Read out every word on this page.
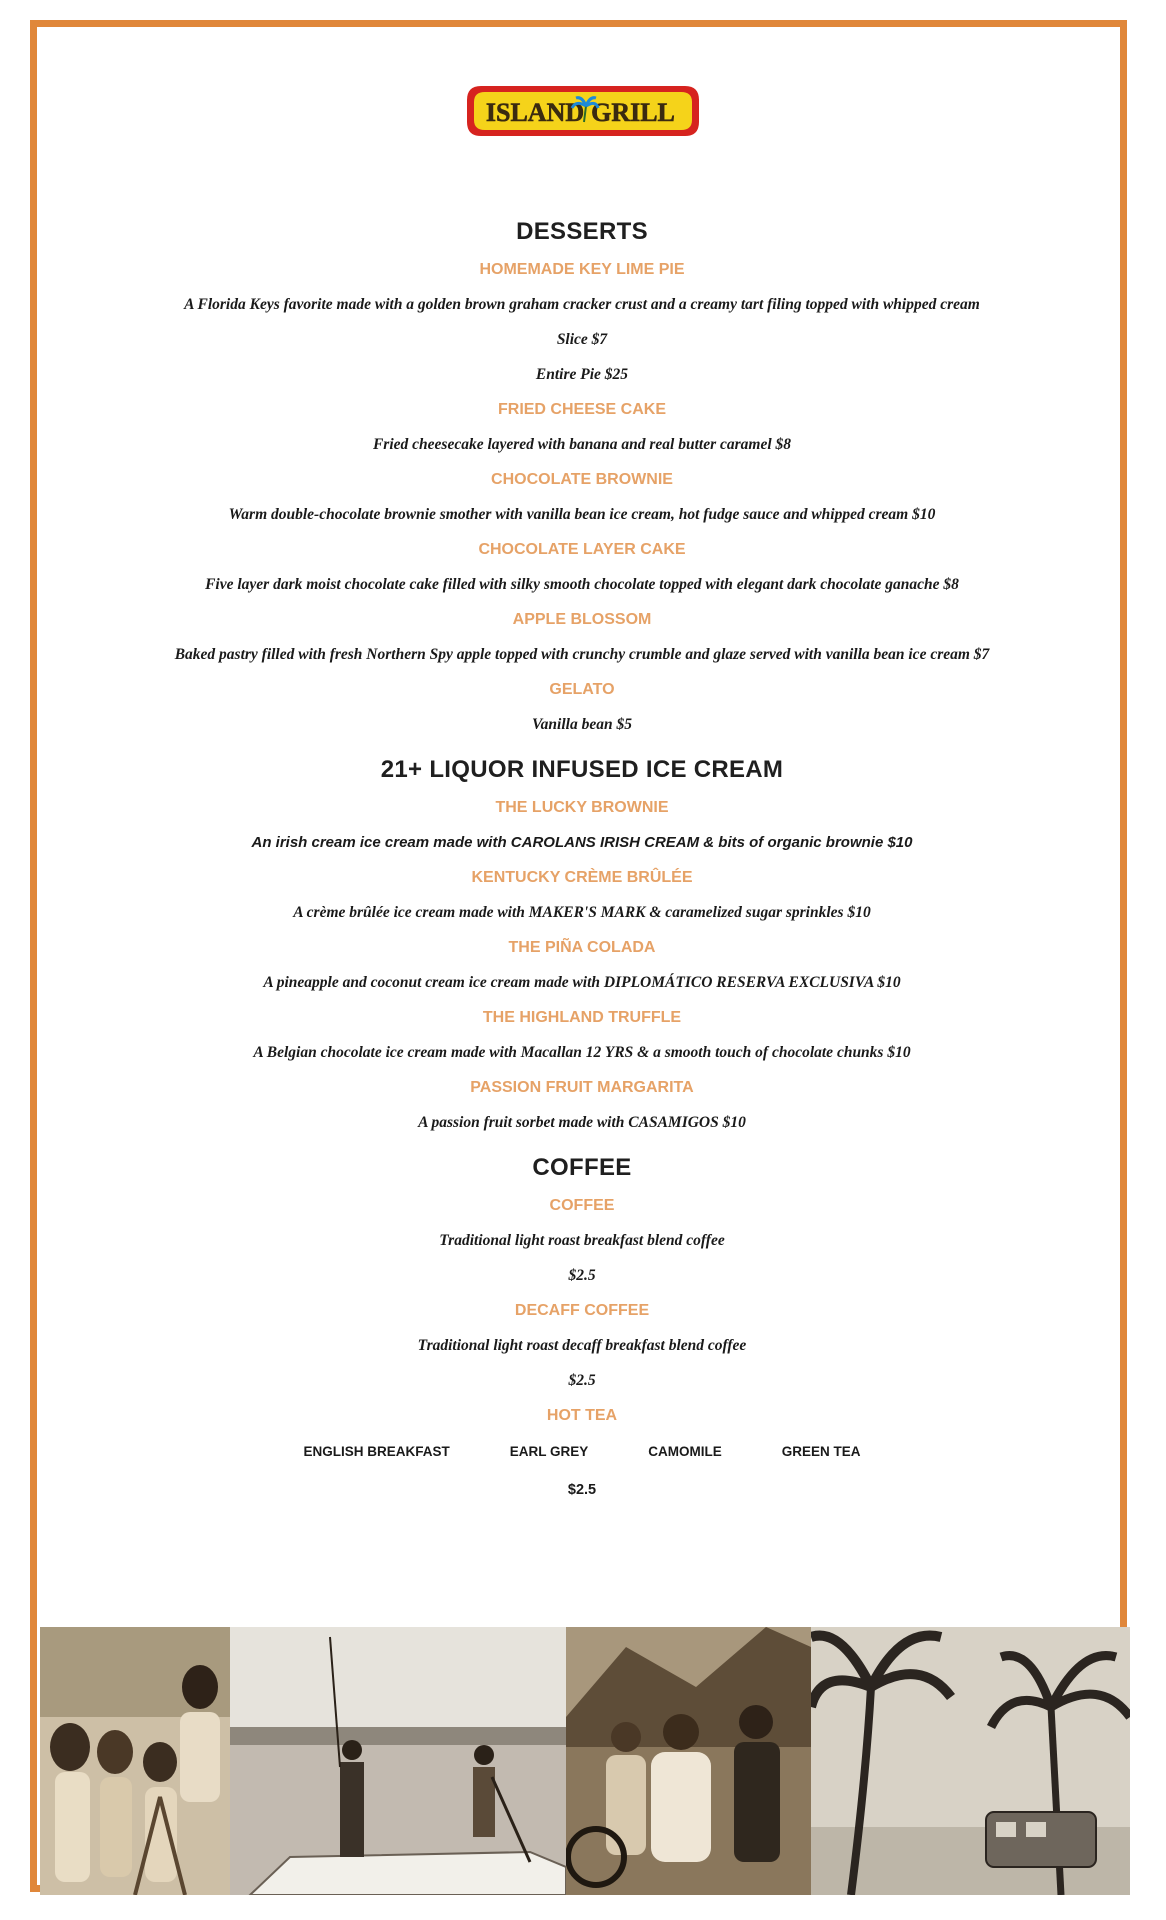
ISLAND GRILL
DESSERTS
HOMEMADE KEY LIME PIE
A Florida Keys favorite made with a golden brown graham cracker crust and a creamy tart filing topped with whipped cream
Slice $7
Entire Pie $25
FRIED CHEESE CAKE
Fried cheesecake layered with banana and real butter caramel $8
CHOCOLATE BROWNIE
Warm double-chocolate brownie smother with vanilla bean ice cream, hot fudge sauce and whipped cream $10
CHOCOLATE LAYER CAKE
Five layer dark moist chocolate cake filled with silky smooth chocolate topped with elegant dark chocolate ganache $8
APPLE BLOSSOM
Baked pastry filled with fresh Northern Spy apple topped with crunchy crumble and glaze served with vanilla bean ice cream $7
GELATO
Vanilla bean $5
21+ LIQUOR INFUSED ICE CREAM
THE LUCKY BROWNIE
An irish cream ice cream made with CAROLANS IRISH CREAM & bits of organic brownie $10
KENTUCKY CRÈME BRÛLÉE
A crème brûlée ice cream made with MAKER'S MARK & caramelized sugar sprinkles $10
THE PIÑA COLADA
A pineapple and coconut cream ice cream made with DIPLOMÁTICO RESERVA EXCLUSIVA $10
THE HIGHLAND TRUFFLE
A Belgian chocolate ice cream made with Macallan 12 YRS & a smooth touch of chocolate chunks $10
PASSION FRUIT MARGARITA
A passion fruit sorbet made with CASAMIGOS $10
COFFEE
COFFEE
Traditional light roast breakfast blend coffee
$2.5
DECAFF COFFEE
Traditional light roast decaff breakfast blend coffee
$2.5
HOT TEA
ENGLISH BREAKFAST	EARL GREY	CAMOMILE	GREEN TEA
$2.5
